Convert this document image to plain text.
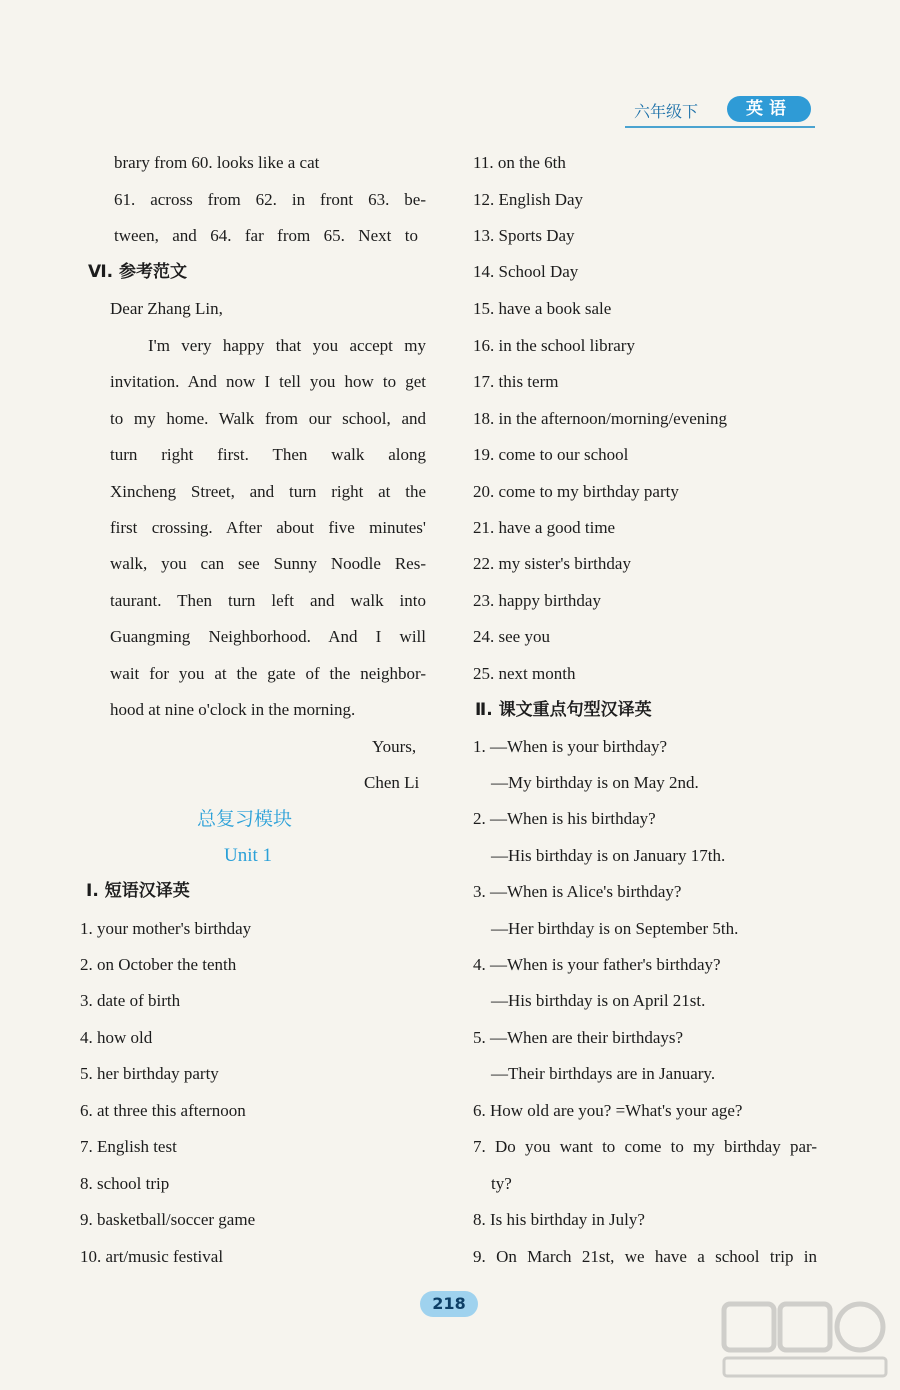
六年级下	英语
brary from 60. looks like a cat
61. across from 62. in front 63. be-
tween, and 64. far from 65. Next to
Ⅵ. 参考范文
Dear Zhang Lin,
I'm very happy that you accept my
invitation. And now I tell you how to get
to my home. Walk from our school, and
turn right first. Then walk along
Xincheng Street, and turn right at the
first crossing. After about five minutes'
walk, you can see Sunny Noodle Res-
taurant. Then turn left and walk into
Guangming Neighborhood. And I will
wait for you at the gate of the neighbor-
hood at nine o'clock in the morning.
Yours,
Chen Li
总复习模块
Unit 1
Ⅰ. 短语汉译英
1. your mother's birthday
2. on October the tenth
3. date of birth
4. how old
5. her birthday party
6. at three this afternoon
7. English test
8. school trip
9. basketball/soccer game
10. art/music festival
11. on the 6th
12. English Day
13. Sports Day
14. School Day
15. have a book sale
16. in the school library
17. this term
18. in the afternoon/morning/evening
19. come to our school
20. come to my birthday party
21. have a good time
22. my sister's birthday
23. happy birthday
24. see you
25. next month
Ⅱ. 课文重点句型汉译英
1. —When is your birthday?
—My birthday is on May 2nd.
2. —When is his birthday?
—His birthday is on January 17th.
3. —When is Alice's birthday?
—Her birthday is on September 5th.
4. —When is your father's birthday?
—His birthday is on April 21st.
5. —When are their birthdays?
—Their birthdays are in January.
6. How old are you? =What's your age?
7. Do you want to come to my birthday par-
ty?
8. Is his birthday in July?
9. On March 21st, we have a school trip in
218
